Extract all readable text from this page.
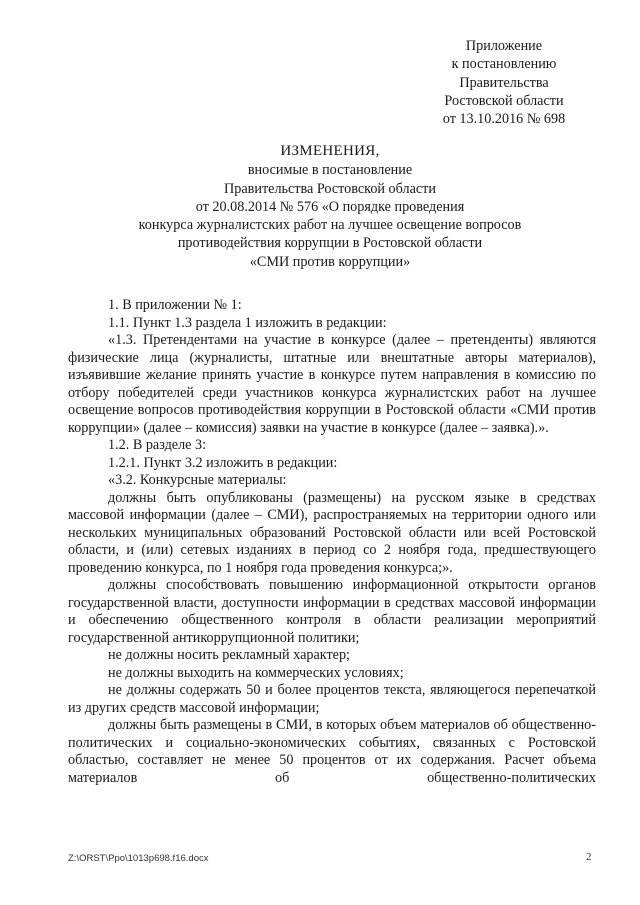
Приложение
к постановлению
Правительства
Ростовской области
от 13.10.2016 № 698
ИЗМЕНЕНИЯ,
вносимые в постановление
Правительства Ростовской области
от 20.08.2014 № 576 «О порядке проведения
конкурса журналистских работ на лучшее освещение вопросов
противодействия коррупции в Ростовской области
«СМИ против коррупции»

1. В приложении № 1:

1.1. Пункт 1.3 раздела 1 изложить в редакции:

«1.3. Претендентами на участие в конкурсе (далее – претенденты) являются физические лица (журналисты, штатные или внештатные авторы материалов), изъявившие желание принять участие в конкурсе путем направления в комиссию по отбору победителей среди участников конкурса журналистских работ на лучшее освещение вопросов противодействия коррупции в Ростовской области «СМИ против коррупции» (далее – комиссия) заявки на участие в конкурсе (далее – заявка).».

1.2. В разделе 3:

1.2.1. Пункт 3.2 изложить в редакции:

«3.2. Конкурсные материалы:

должны быть опубликованы (размещены) на русском языке в средствах массовой информации (далее – СМИ), распространяемых на территории одного или нескольких муниципальных образований Ростовской области или всей Ростовской области, и (или) сетевых изданиях в период со 2 ноября года, предшествующего проведению конкурса, по 1 ноября года проведения конкурса;».

должны способствовать повышению информационной открытости органов государственной власти, доступности информации в средствах массовой информации и обеспечению общественного контроля в области реализации мероприятий государственной антикоррупционной политики;

не должны носить рекламный характер;

не должны выходить на коммерческих условиях;

не должны содержать 50 и более процентов текста, являющегося перепечаткой из других средств массовой информации;

должны быть размещены в СМИ, в которых объем материалов об общественно-политических и социально-экономических событиях, связанных с Ростовской областью, составляет не менее 50 процентов от их содержания. Расчет объема материалов об общественно-политических

Z:\ORST\Ppo\1013p698.f16.docx	2
